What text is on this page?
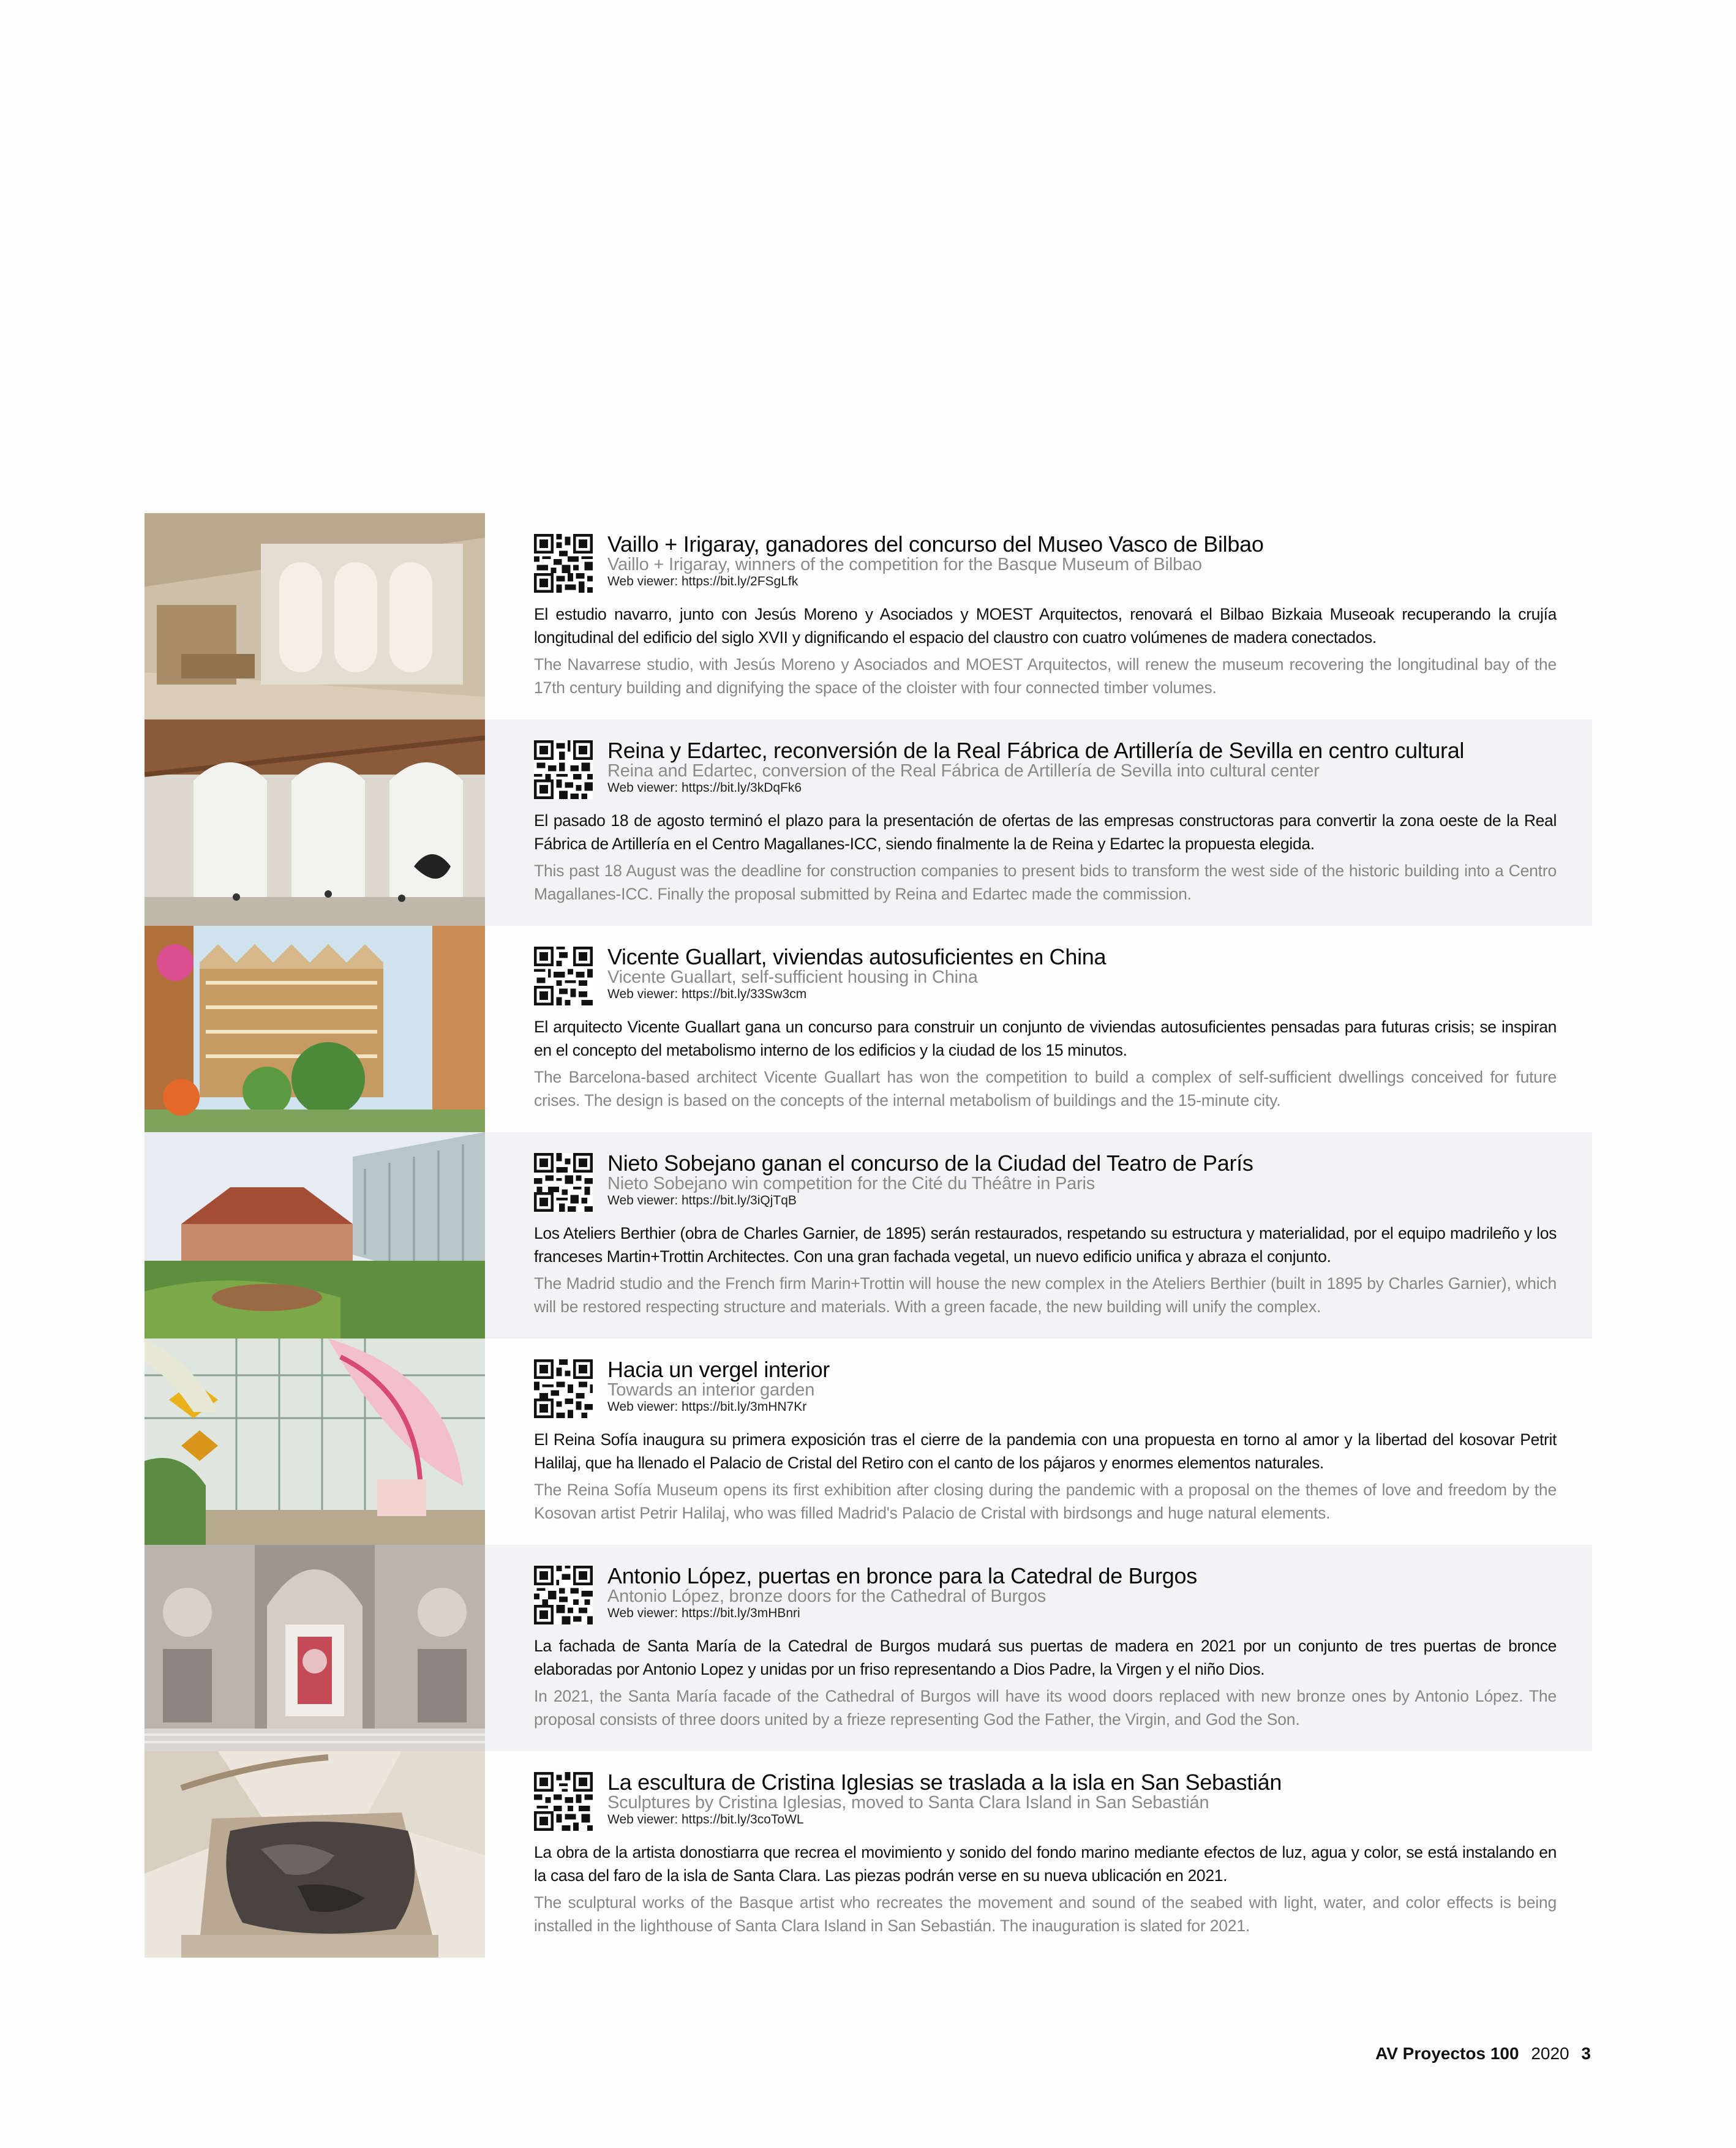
Vaillo + Irigaray, ganadores del concurso del Museo Vasco de Bilbao
Vaillo + Irigaray, winners of the competition for the Basque Museum of Bilbao
Web viewer: https://bit.ly/2FSgLfk
El estudio navarro, junto con Jesús Moreno y Asociados y MOEST Arquitectos, renovará el Bilbao Bizkaia Museoak recuperando la crujía longitudinal del edificio del siglo XVII y dignificando el espacio del claustro con cuatro volúmenes de madera conectados.
The Navarrese studio, with Jesús Moreno y Asociados and MOEST Arquitectos, will renew the museum recovering the longitudinal bay of the 17th century building and dignifying the space of the cloister with four connected timber volumes.
Reina y Edartec, reconversión de la Real Fábrica de Artillería de Sevilla en centro cultural
Reina and Edartec, conversion of the Real Fábrica de Artillería de Sevilla into cultural center
Web viewer: https://bit.ly/3kDqFk6
El pasado 18 de agosto terminó el plazo para la presentación de ofertas de las empresas constructoras para convertir la zona oeste de la Real Fábrica de Artillería en el Centro Magallanes-ICC, siendo finalmente la de Reina y Edartec la propuesta elegida.
This past 18 August was the deadline for construction companies to present bids to transform the west side of the historic building into a Centro Magallanes-ICC. Finally the proposal submitted by Reina and Edartec made the commission.
Vicente Guallart, viviendas autosuficientes en China
Vicente Guallart, self-sufficient housing in China
Web viewer: https://bit.ly/33Sw3cm
El arquitecto Vicente Guallart gana un concurso para construir un conjunto de viviendas autosuficientes pensadas para futuras crisis; se inspiran en el concepto del metabolismo interno de los edificios y la ciudad de los 15 minutos.
The Barcelona-based architect Vicente Guallart has won the competition to build a complex of self-sufficient dwellings conceived for future crises. The design is based on the concepts of the internal metabolism of buildings and the 15-minute city.
Nieto Sobejano ganan el concurso de la Ciudad del Teatro de París
Nieto Sobejano win competition for the Cité du Théâtre in Paris
Web viewer: https://bit.ly/3iQjTqB
Los Ateliers Berthier (obra de Charles Garnier, de 1895) serán restaurados, respetando su estructura y materialidad, por el equipo madrileño y los franceses Martin+Trottin Architectes. Con una gran fachada vegetal, un nuevo edificio unifica y abraza el conjunto.
The Madrid studio and the French firm Marin+Trottin will house the new complex in the Ateliers Berthier (built in 1895 by Charles Garnier), which will be restored respecting structure and materials. With a green facade, the new building will unify the complex.
Hacia un vergel interior
Towards an interior garden
Web viewer: https://bit.ly/3mHN7Kr
El Reina Sofía inaugura su primera exposición tras el cierre de la pandemia con una propuesta en torno al amor y la libertad del kosovar Petrit Halilaj, que ha llenado el Palacio de Cristal del Retiro con el canto de los pájaros y enormes elementos naturales.
The Reina Sofía Museum opens its first exhibition after closing during the pandemic with a proposal on the themes of love and freedom by the Kosovan artist Petrir Halilaj, who was filled Madrid's Palacio de Cristal with birdsongs and huge natural elements.
Antonio López, puertas en bronce para la Catedral de Burgos
Antonio López, bronze doors for the Cathedral of Burgos
Web viewer: https://bit.ly/3mHBnri
La fachada de Santa María de la Catedral de Burgos mudará sus puertas de madera en 2021 por un conjunto de tres puertas de bronce elaboradas por Antonio Lopez y unidas por un friso representando a Dios Padre, la Virgen y el niño Dios.
In 2021, the Santa María facade of the Cathedral of Burgos will have its wood doors replaced with new bronze ones by Antonio López. The proposal consists of three doors united by a frieze representing God the Father, the Virgin, and God the Son.
La escultura de Cristina Iglesias se traslada a la isla en San Sebastián
Sculptures by Cristina Iglesias, moved to Santa Clara Island in San Sebastián
Web viewer: https://bit.ly/3coToWL
La obra de la artista donostiarra que recrea el movimiento y sonido del fondo marino mediante efectos de luz, agua y color, se está instalando en la casa del faro de la isla de Santa Clara. Las piezas podrán verse en su nueva ublicación en 2021.
The sculptural works of the Basque artist who recreates the movement and sound of the seabed with light, water, and color effects is being installed in the lighthouse of Santa Clara Island in San Sebastián. The inauguration is slated for 2021.
AV Proyectos 100 2020 3
